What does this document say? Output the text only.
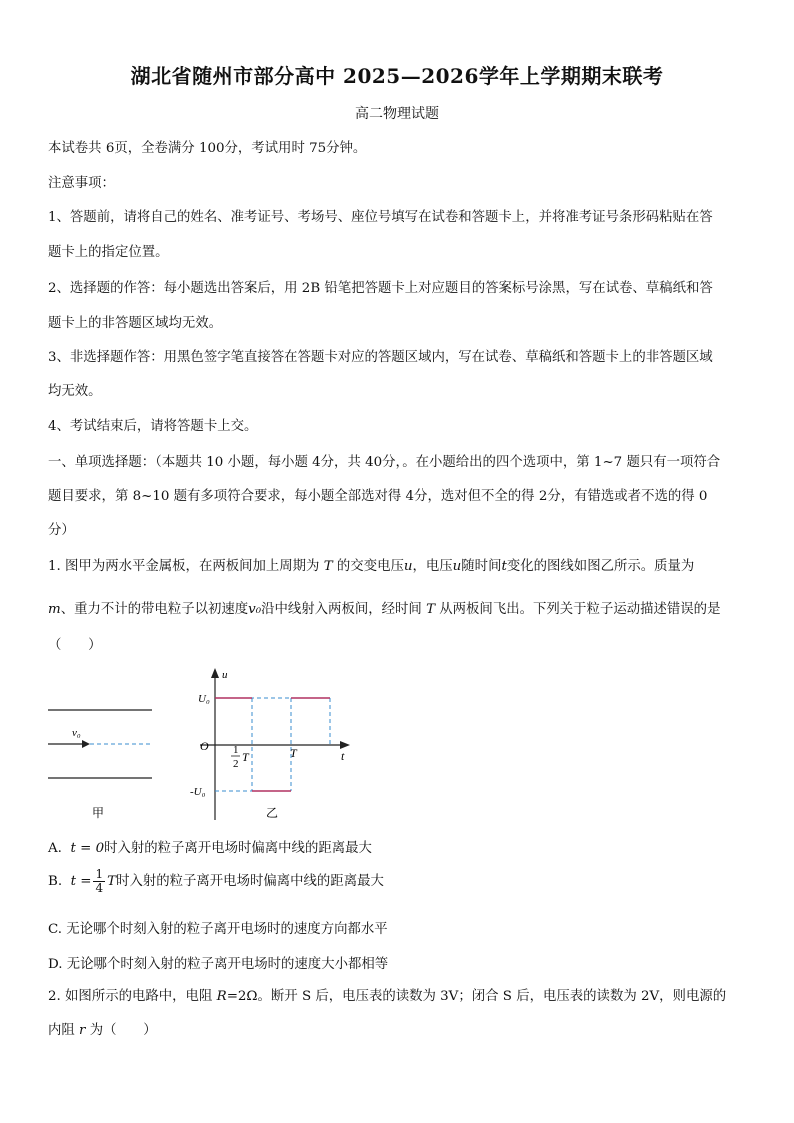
湖北省随州市部分高中 2025—2026学年上学期期末联考
高二物理试题
本试卷共 6页，全卷满分 100分，考试用时 75分钟。
注意事项：
1、答题前，请将自己的姓名、准考证号、考场号、座位号填写在试卷和答题卡上，并将准考证号条形码粘贴在答
题卡上的指定位置。
2、选择题的作答：每小题选出答案后，用 2B 铅笔把答题卡上对应题目的答案标号涂黑，写在试卷、草稿纸和答
题卡上的非答题区域均无效。
3、非选择题作答：用黑色签字笔直接答在答题卡对应的答题区域内，写在试卷、草稿纸和答题卡上的非答题区域
均无效。
4、考试结束后，请将答题卡上交。
一、单项选择题：（本题共 10 小题，每小题 4分，共 40分，。在小题给出的四个选项中，第 1~7 题只有一项符合
题目要求，第 8~10 题有多项符合要求，每小题全部选对得 4分，选对但不全的得 2分，有错选或者不选的得 0
分）
1. 图甲为两水平金属板，在两板间加上周期为 T 的交变电压u，电压u随时间t变化的图线如图乙所示。质量为
m、重力不计的带电粒子以初速度v₀沿中线射入两板间，经时间 T 从两板间飞出。下列关于粒子运动描述错误的是
（　　）
v₀
甲
u
t
U₀
-U₀
O 1
2 T	T
乙
A. t = 0时入射的粒子离开电场时偏离中线的距离最大
B. $t = \frac{1}{4}$ T时入射的粒子离开电场时偏离中线的距离最大
C. 无论哪个时刻入射的粒子离开电场时的速度方向都水平
D. 无论哪个时刻入射的粒子离开电场时的速度大小都相等
2. 如图所示的电路中，电阻 R=2Ω。断开 S 后，电压表的读数为 3V；闭合 S 后，电压表的读数为 2V，则电源的
内阻 r 为（　　）
